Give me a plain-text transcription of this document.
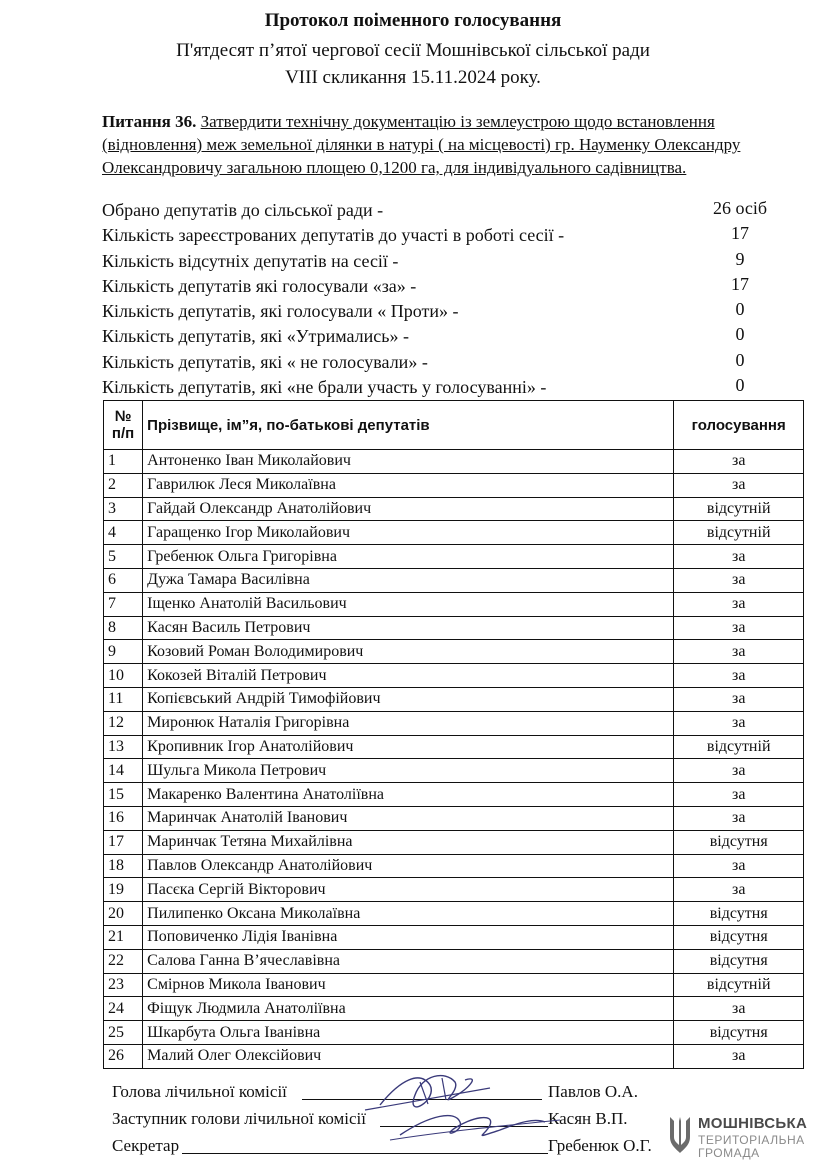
Протокол поіменного голосування
П'ятдесят п’ятої чергової сесії Мошнівської сільської ради
VIII скликання 15.11.2024 року.
Питання 36. Затвердити технічну документацію із землеустрою щодо встановлення (відновлення) меж земельної ділянки в натурі ( на місцевості) гр. Науменку Олександру Олександровичу загальною площею 0,1200 га, для індивідуального садівництва.
Обрано депутатів до сільської ради -	26 осіб
Кількість зареєстрованих депутатів до участі в роботі сесії -	17
Кількість відсутніх депутатів на сесії -	9
Кількість депутатів які голосували «за» -	17
Кількість депутатів, які голосували « Проти» -	0
Кількість депутатів, які «Утримались» -	0
Кількість депутатів, які « не голосували» -	0
Кількість депутатів, які «не брали участь у голосуванні» -	0
№ п/п	Прізвище, ім”я, по-батькові депутатів	голосування
1	Антоненко Іван Миколайович	за
2	Гаврилюк Леся Миколаївна	за
3	Гайдай Олександр Анатолійович	відсутній
4	Гаращенко Ігор Миколайович	відсутній
5	Гребенюк Ольга Григорівна	за
6	Дужа Тамара Василівна	за
7	Іщенко Анатолій Васильович	за
8	Касян Василь Петрович	за
9	Козовий Роман Володимирович	за
10	Кокозей Віталій Петрович	за
11	Копієвський Андрій Тимофійович	за
12	Миронюк Наталія Григорівна	за
13	Кропивник Ігор Анатолійович	відсутній
14	Шульга Микола Петрович	за
15	Макаренко Валентина Анатоліївна	за
16	Маринчак Анатолій Іванович	за
17	Маринчак Тетяна Михайлівна	відсутня
18	Павлов Олександр Анатолійович	за
19	Пасєка Сергій Вікторович	за
20	Пилипенко Оксана Миколаївна	відсутня
21	Поповиченко Лідія Іванівна	відсутня
22	Салова Ганна В’ячеславівна	відсутня
23	Смірнов Микола Іванович	відсутній
24	Фіщук Людмила Анатоліївна	за
25	Шкарбута Ольга Іванівна	відсутня
26	Малий Олег Олексійович	за
Голова лічильної комісії	Павлов О.А.
Заступник голови лічильної комісії	Касян В.П.
Секретар	Гребенюк О.Г.
МОШНІВСЬКА
ТЕРИТОРІАЛЬНА
ГРОМАДА
